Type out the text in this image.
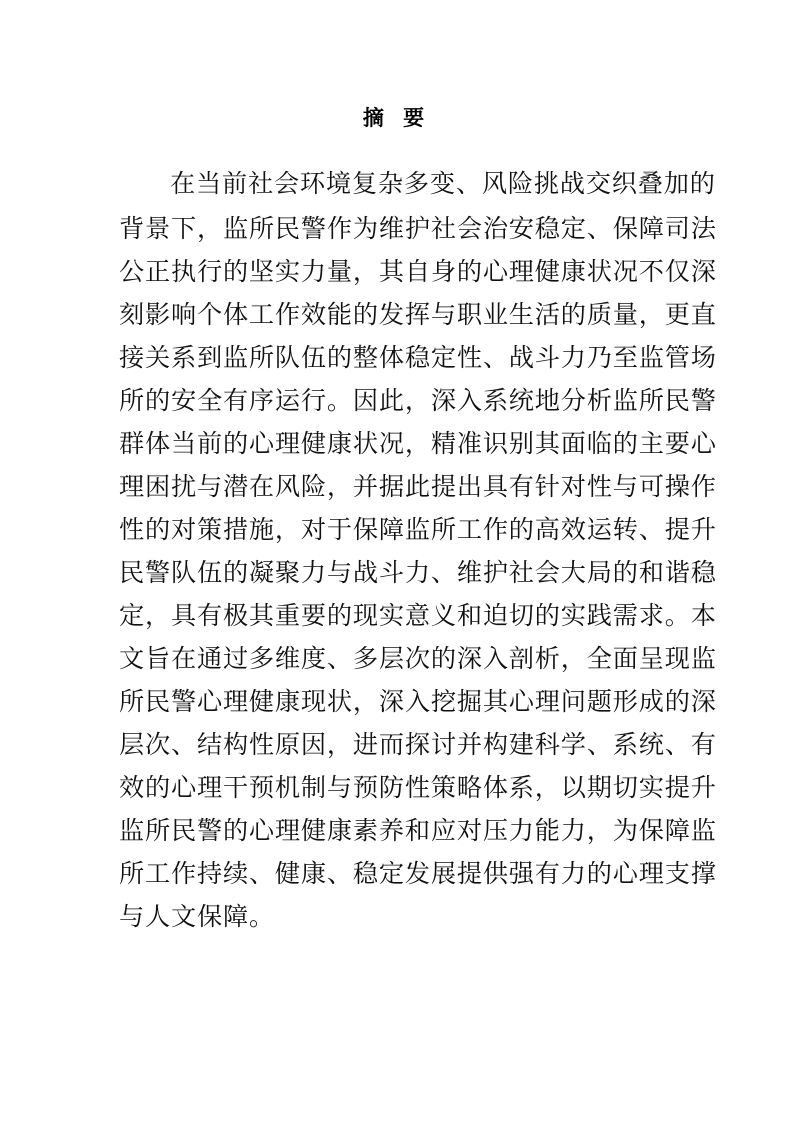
摘 要
在当前社会环境复杂多变、风险挑战交织叠加的
背景下，监所民警作为维护社会治安稳定、保障司法
公正执行的坚实力量，其自身的心理健康状况不仅深
刻影响个体工作效能的发挥与职业生活的质量，更直
接关系到监所队伍的整体稳定性、战斗力乃至监管场
所的安全有序运行。因此，深入系统地分析监所民警
群体当前的心理健康状况，精准识别其面临的主要心
理困扰与潜在风险，并据此提出具有针对性与可操作
性的对策措施，对于保障监所工作的高效运转、提升
民警队伍的凝聚力与战斗力、维护社会大局的和谐稳
定，具有极其重要的现实意义和迫切的实践需求。本
文旨在通过多维度、多层次的深入剖析，全面呈现监
所民警心理健康现状，深入挖掘其心理问题形成的深
层次、结构性原因，进而探讨并构建科学、系统、有
效的心理干预机制与预防性策略体系，以期切实提升
监所民警的心理健康素养和应对压力能力，为保障监
所工作持续、健康、稳定发展提供强有力的心理支撑
与人文保障。
